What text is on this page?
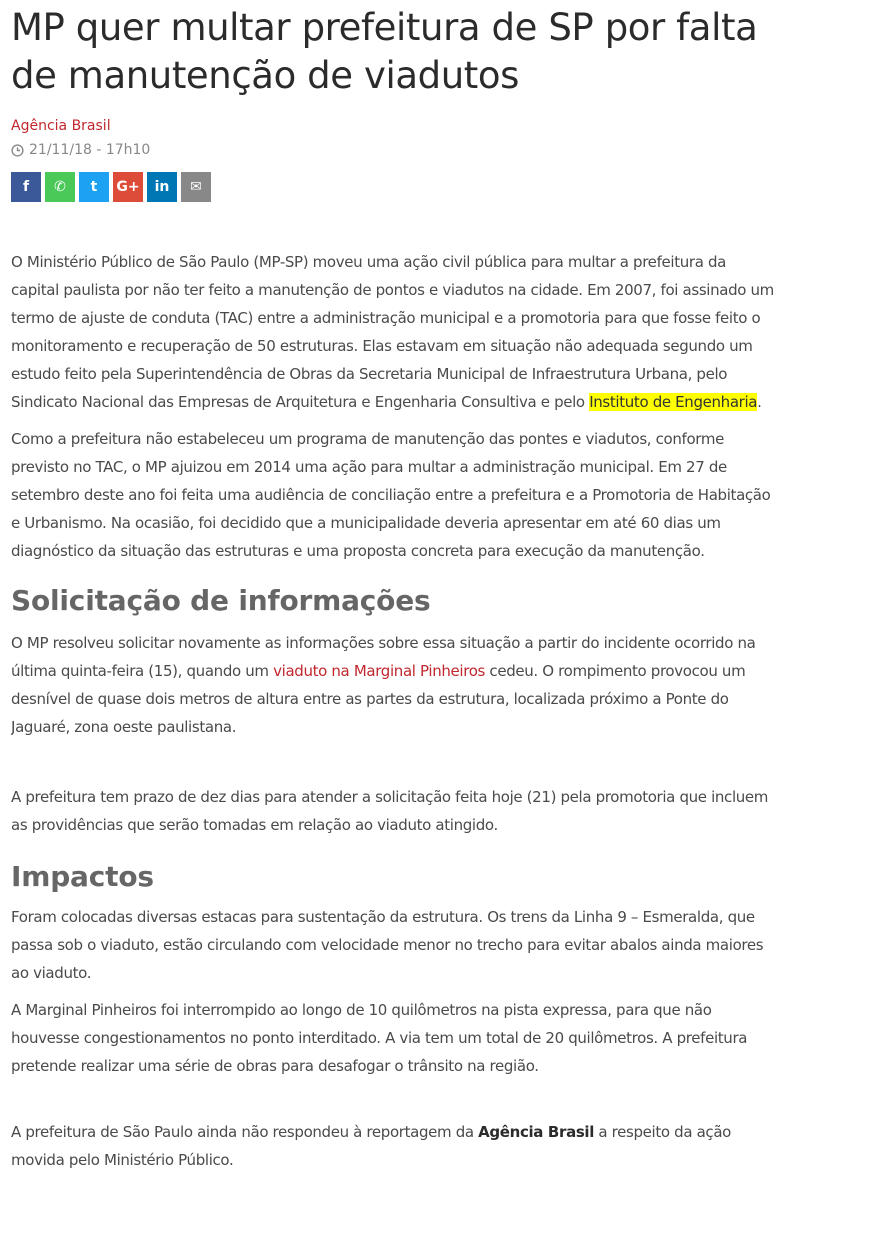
MP quer multar prefeitura de SP por falta
de manutenção de viadutos
Agência Brasil
21/11/18 - 17h10
f ✆ t G+ in ✉

O Ministério Público de São Paulo (MP-SP) moveu uma ação civil pública para multar a prefeitura da
capital paulista por não ter feito a manutenção de pontos e viadutos na cidade. Em 2007, foi assinado um
termo de ajuste de conduta (TAC) entre a administração municipal e a promotoria para que fosse feito o
monitoramento e recuperação de 50 estruturas. Elas estavam em situação não adequada segundo um
estudo feito pela Superintendência de Obras da Secretaria Municipal de Infraestrutura Urbana, pelo
Sindicato Nacional das Empresas de Arquitetura e Engenharia Consultiva e pelo Instituto de Engenharia.

Como a prefeitura não estabeleceu um programa de manutenção das pontes e viadutos, conforme
previsto no TAC, o MP ajuizou em 2014 uma ação para multar a administração municipal. Em 27 de
setembro deste ano foi feita uma audiência de conciliação entre a prefeitura e a Promotoria de Habitação
e Urbanismo. Na ocasião, foi decidido que a municipalidade deveria apresentar em até 60 dias um
diagnóstico da situação das estruturas e uma proposta concreta para execução da manutenção.

Solicitação de informações

O MP resolveu solicitar novamente as informações sobre essa situação a partir do incidente ocorrido na
última quinta-feira (15), quando um viaduto na Marginal Pinheiros cedeu. O rompimento provocou um
desnível de quase dois metros de altura entre as partes da estrutura, localizada próximo a Ponte do
Jaguaré, zona oeste paulistana.

A prefeitura tem prazo de dez dias para atender a solicitação feita hoje (21) pela promotoria que incluem
as providências que serão tomadas em relação ao viaduto atingido.

Impactos

Foram colocadas diversas estacas para sustentação da estrutura. Os trens da Linha 9 – Esmeralda, que
passa sob o viaduto, estão circulando com velocidade menor no trecho para evitar abalos ainda maiores
ao viaduto.

A Marginal Pinheiros foi interrompido ao longo de 10 quilômetros na pista expressa, para que não
houvesse congestionamentos no ponto interditado. A via tem um total de 20 quilômetros. A prefeitura
pretende realizar uma série de obras para desafogar o trânsito na região.

A prefeitura de São Paulo ainda não respondeu à reportagem da Agência Brasil a respeito da ação
movida pelo Ministério Público.
